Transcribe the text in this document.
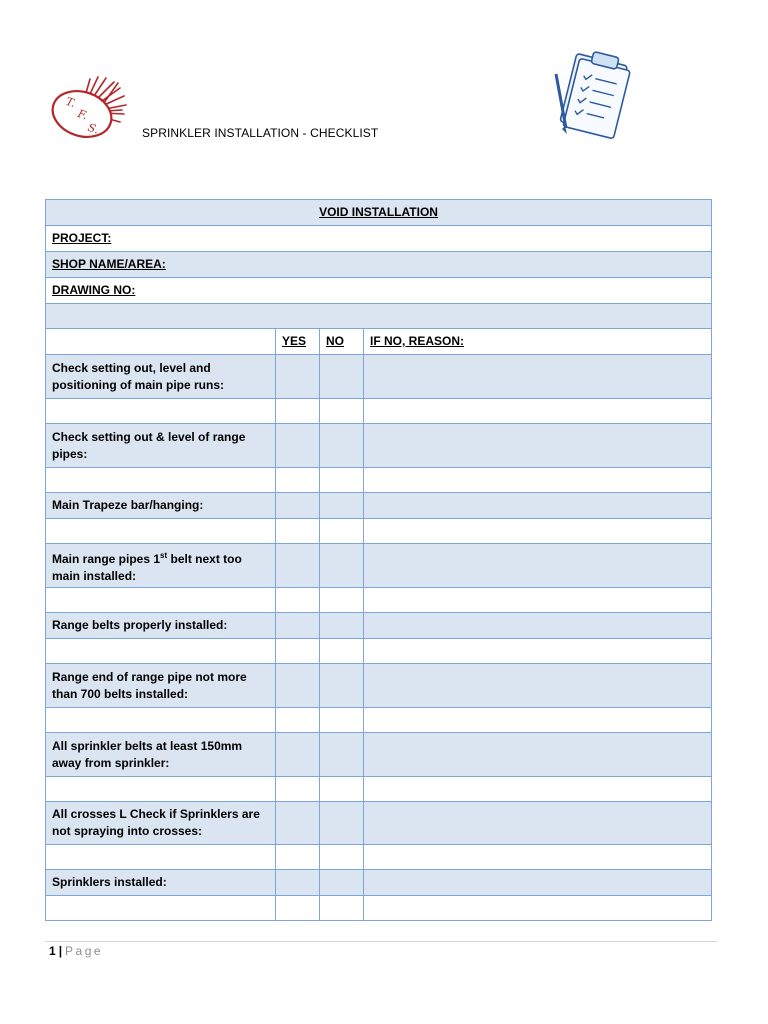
T.
F.
S.	SPRINKLER INSTALLATION - CHECKLIST
VOID INSTALLATION			
PROJECT:			
SHOP NAME/AREA:			
DRAWING NO:			

	YES	NO	IF NO, REASON:
Check setting out, level and
positioning of main pipe runs:			

Check setting out & level of range
pipes:			

Main Trapeze bar/hanging:			

Main range pipes 1st belt next too
main installed:			

Range belts properly installed:			

Range end of range pipe not more
than 700 belts installed:			

All sprinkler belts at least 150mm
away from sprinkler:			

All crosses L Check if Sprinklers are
not spraying into crosses:			

Sprinklers installed:			

1 | Page
